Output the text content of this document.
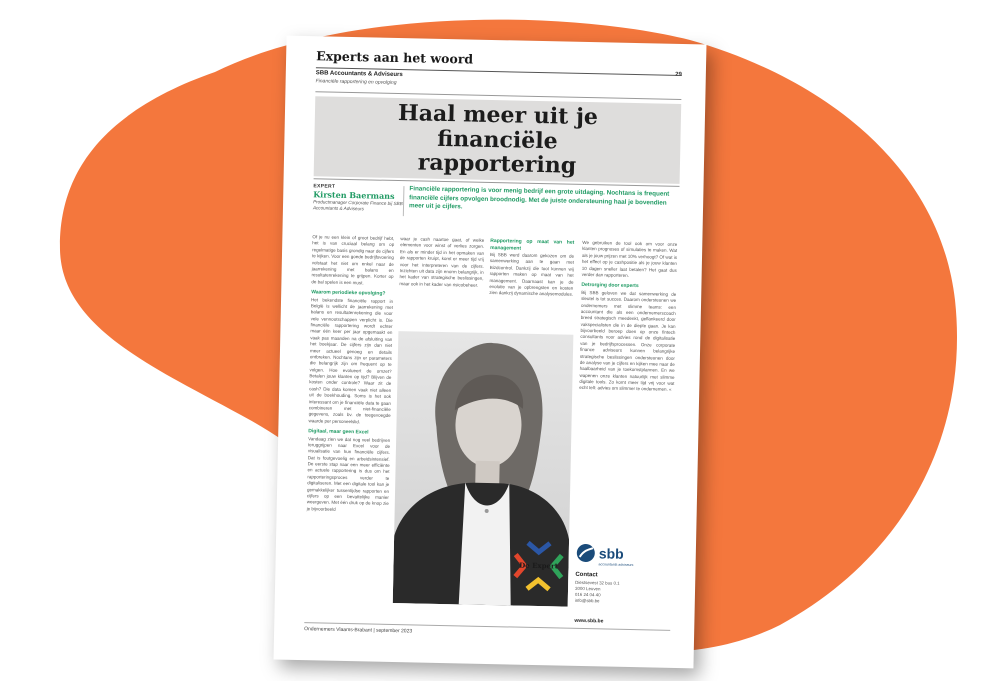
Experts aan het woord
SBB Accountants & Adviseurs
Financiële rapportering en opvolging
Haal meer uit je financiële rapportering
EXPERT
Kirsten Baermans
Productmanager Corporate Finance bij SBB Accountants & Adviseurs

Financiële rapportering is voor menig bedrijf een grote uitdaging. Nochtans is frequent financiële cijfers opvolgen broodnodig. Met de juiste ondersteuning haal je bovendien meer uit je cijfers.

Of je nu een klein of groot bedrijf hebt, het is van cruciaal belang om op regelmatige basis grondig naar de cijfers te kijken. Voor een goede bedrijfsvoering volstaat het niet om enkel naar de jaarrekening met balans en resultatenrekening te grijpen. Korter op de bal spelen is een must.

Waarom periodieke opvolging?

Het bekendste financiële rapport in België is wellicht de jaarrekening met balans en resultatenrekening die voor vele vennootschappen verplicht is. Die financiële rapportering wordt echter maar één keer per jaar opgemaakt en vaak pas maanden na de afsluiting van het boekjaar. De cijfers zijn dan niet meer actueel genoeg en details ontbreken. Nochtans zijn er parameters die belangrijk zijn om frequent op te volgen. Hoe evolueert de omzet? Betalen jouw klanten op tijd? Blijven de kosten onder controle? Waar zit de cash? Die data komen vaak niet alleen uit de boekhouding. Soms is het ook interessant om je financiële data te gaan combineren met niet-financiële gegevens, zoals bv. de toegevoegde waarde per personeelslid.

Digitaal, maar geen Excel

Vandaag zien we dat nog veel bedrijven teruggrijpen naar Excel voor de visualisatie van hun financiële cijfers. Dat is foutgevoelig en arbeidsintensief. De eerste stap naar een meer efficiënte en actuele rapportering is dus om het rapporteringsproces verder te digitaliseren. Met een digitale tool kan je gemakkelijker tussentijdse rapporten en cijfers op een bevattelijke manier weergeven. Met één druk op de knop zie je bijvoorbeeld

waar je cash naartoe gaat, of welke elementen voor winst of verlies zorgen. En als er minder tijd in het opmaken van de rapporten kruipt, komt er meer tijd vrij voor het interpreteren van de cijfers. Inzichten uit data zijn enorm belangrijk, in het kader van strategische beslissingen, maar ook in het kader van risicobeheer.

Rapportering op maat van het management

Bij SBB werd daarom gekozen om de samenwerking aan te gaan met Bizdcontrol. Dankzij die tool kunnen wij rapporten maken op maat van het management. Daarnaast kan je de evolutie van je opbrengsten en kosten zien dankzij dynamische analysemodules.

We gebruiken de tool ook om voor onze klanten prognoses of simulaties te maken. Wat als je jouw prijzen met 10% verhoogt? Of wat is het effect op je cashpositie als je jouw klanten 10 dagen sneller laat betalen? Het gaat dus verder dan rapporteren.

Detrorging door experts

Bij SBB geloven we dat samenwerking de sleutel is tot succes. Daarom ondersteunen we ondernemers met slimme teams: een accountant die als een ondernemerscoach breed strategisch meedenkt, geflankeerd door vakspecialisten die in de diepte gaan. Je kan bijvoorbeeld beroep doen op onze fintech consultants voor advies rond de digitalisatie van je bedrijfsprocessen. Onze corporate finance adviseurs kunnen belangrijke strategische beslissingen ondersteunen door de analyse van je cijfers en kijken mee naar de haalbaarheid van je toekomstplannen. En we wapenen onze klanten natuurlijk met slimme digitale tools. Zo komt meer tijd vrij voor wat echt telt: advies om slimmer te ondernemen. «

De Expert
sbb
accountants adviseurs
Contact
Diestsevest 32 bus 0.1
3000 Leuven
016 24 04 40
info@sbb.be
www.sbb.be
Ondernemers Vlaams-Brabant | september 2023
